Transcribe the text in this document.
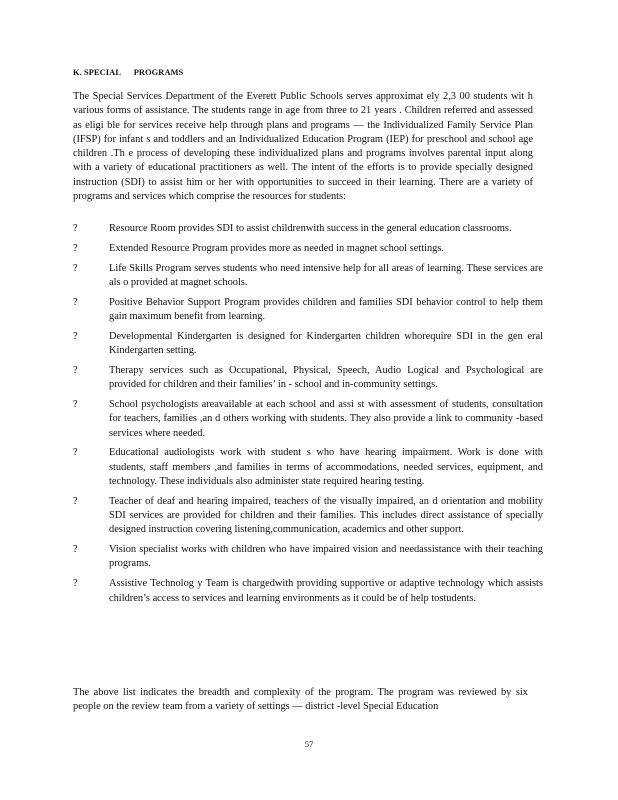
K. SPECIAL      PROGRAMS

The Special Services Department of the Everett Public Schools serves approximat ely 2,3 00 students wit h various forms of assistance. The students range in age from three to 21 years . Children referred and assessed as eligi ble for services receive help through plans and programs — the Individualized Family Service Plan (IFSP) for infant s and toddlers and an Individualized Education Program (IEP) for preschool and school age children .Th e process of developing these individualized plans and programs involves parental input along with a variety of educational practitioners as well. The intent of the efforts is to provide specially designed instruction (SDI) to assist him or her with opportunities to succeed in their learning. There are a variety of programs and services which comprise the resources for students:

?	Resource Room provides SDI to assist childrenwith success in the general education classrooms.
?	Extended Resource Program provides more as needed in magnet school settings.
?	Life Skills Program serves students who need intensive help for all areas of learning. These services are als o provided at magnet schools.
?	Positive Behavior Support Program provides children and families SDI behavior control to help them gain maximum benefit from learning.
?	Developmental Kindergarten is designed for Kindergarten children whorequire SDI in the gen eral Kindergarten setting.
?	Therapy services such as Occupational, Physical, Speech, Audio Logical and Psychological are provided for children and their families’ in - school and in-community settings.
?	School psychologists areavailable at each school and assi st with assessment of students, consultation for teachers, families ,an d others working with students. They also provide a link to community -based services where needed.
?	Educational audiologists work with student s who have hearing impairment. Work is done with students, staff members ,and families in terms of accommodations, needed services, equipment, and technology. These individuals also administer state required hearing testing.
?	Teacher of deaf and hearing impaired, teachers of the visually impaired, an d orientation and mobility SDI services are provided for children and their families. This includes direct assistance of specially designed instruction covering listening,communication, academics and other support.
?	Vision specialist works with children who have impaired vision and needassistance with their teaching programs.
?	Assistive Technolog y Team is chargedwith providing supportive or adaptive technology which assists children’s access to services and learning environments as it could be of help tostudents.

The above list indicates the breadth and complexity of the program. The program was reviewed by six people on the review team from a variety of settings — district -level Special Education

57
